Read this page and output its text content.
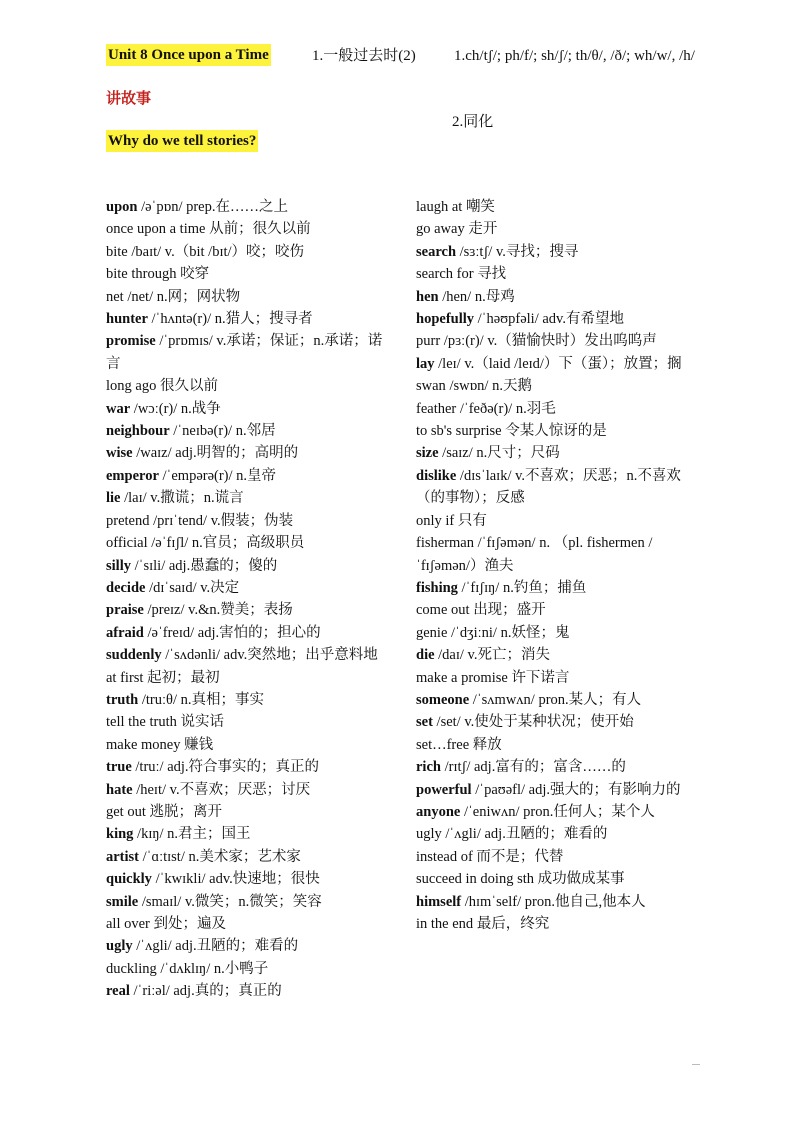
Unit 8 Once upon a Time	1.一般过去时(2)	1.ch/tʃ/; ph/f/; sh/ʃ/; th/θ/, /ð/; wh/w/, /h/
讲故事
2.同化
Why do we tell stories?

upon /əˈpɒn/ prep.在……之上

once upon a time 从前；很久以前

bite /baɪt/ v.（bit /bɪt/）咬；咬伤

bite through 咬穿

net /net/ n.网；网状物

hunter /ˈhʌntə(r)/ n.猎人；搜寻者

promise /ˈprɒmɪs/ v.承诺；保证；n.承诺；诺言

long ago 很久以前

war /wɔː(r)/ n.战争

neighbour /ˈneɪbə(r)/ n.邻居

wise /waɪz/ adj.明智的；高明的

emperor /ˈempərə(r)/ n.皇帝

lie /laɪ/ v.撒谎；n.谎言

pretend /prɪˈtend/ v.假装；伪装

official /əˈfɪʃl/ n.官员；高级职员

silly /ˈsɪli/ adj.愚蠢的；傻的

decide /dɪˈsaɪd/ v.决定

praise /preɪz/ v.&n.赞美；表扬

afraid /əˈfreɪd/ adj.害怕的；担心的

suddenly /ˈsʌdənli/ adv.突然地；出乎意料地

at first 起初；最初

truth /truːθ/ n.真相；事实

tell the truth 说实话

make money 赚钱

true /truː/ adj.符合事实的；真正的

hate /heɪt/ v.不喜欢；厌恶；讨厌

get out 逃脱；离开

king /kɪŋ/ n.君主；国王

artist /ˈɑːtɪst/ n.美术家；艺术家

quickly /ˈkwɪkli/ adv.快速地；很快

smile /smaɪl/ v.微笑；n.微笑；笑容

all over 到处；遍及

ugly /ˈʌgli/ adj.丑陋的；难看的

duckling /ˈdʌklɪŋ/ n.小鸭子

real /ˈriːəl/ adj.真的；真正的

laugh at 嘲笑

go away 走开

search /sɜːtʃ/ v.寻找；搜寻

search for 寻找

hen /hen/ n.母鸡

hopefully /ˈhəʊpfəli/ adv.有希望地

purr /pɜː(r)/ v.（猫愉快时）发出呜呜声

lay /leɪ/ v.（laid /leɪd/）下（蛋）；放置；搁

swan /swɒn/ n.天鹅

feather /ˈfeðə(r)/ n.羽毛

to sb's surprise 令某人惊讶的是

size /saɪz/ n.尺寸；尺码

dislike /dɪsˈlaɪk/ v.不喜欢；厌恶；n.不喜欢（的事物）；反感

only if 只有

fisherman /ˈfɪʃəmən/ n. （pl. fishermen /ˈfɪʃəmən/）渔夫

fishing /ˈfɪʃɪŋ/ n.钓鱼；捕鱼

come out 出现；盛开

genie /ˈdʒiːni/ n.妖怪；鬼

die /daɪ/ v.死亡；消失

make a promise 许下诺言

someone /ˈsʌmwʌn/ pron.某人；有人

set /set/ v.使处于某种状况；使开始

set…free 释放

rich /rɪtʃ/ adj.富有的；富含……的

powerful /ˈpaʊəfl/ adj.强大的；有影响力的

anyone /ˈeniwʌn/ pron.任何人；某个人

ugly /ˈʌgli/ adj.丑陋的；难看的

instead of 而不是；代替

succeed in doing sth 成功做成某事

himself /hɪmˈself/ pron.他自己,他本人

in the end 最后，终究
